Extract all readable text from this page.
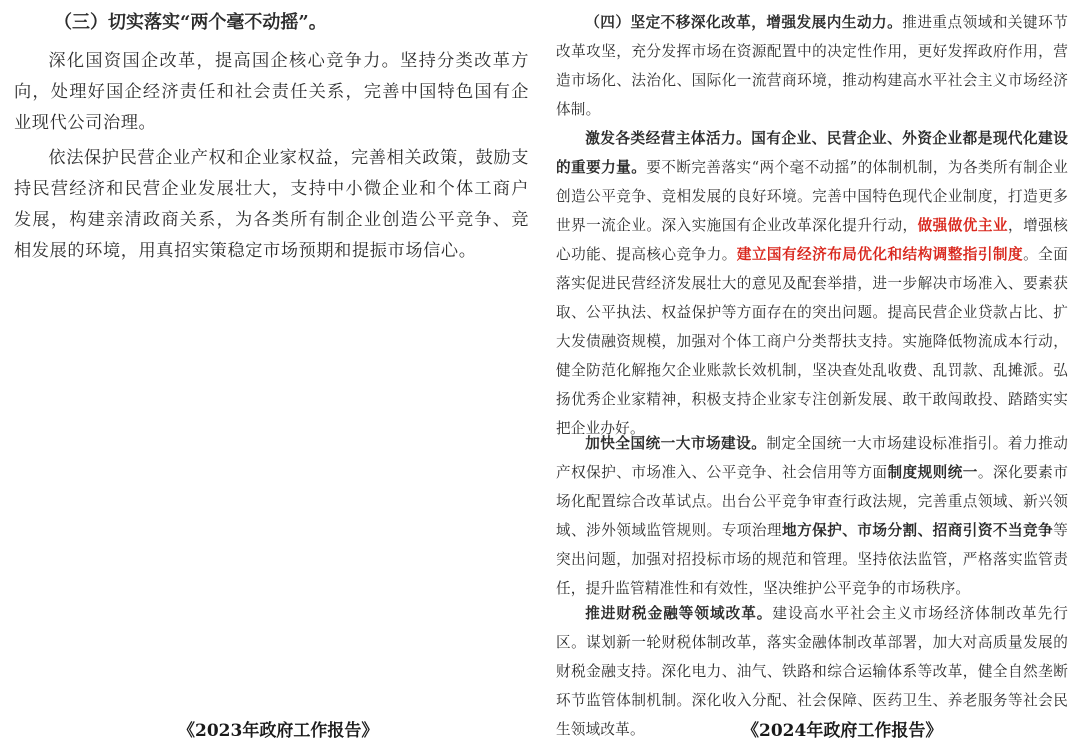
（三）切实落实“两个毫不动摇”。

深化国资国企改革，提高国企核心竞争力。坚持分类改革方向，处理好国企经济责任和社会责任关系，完善中国特色国有企业现代公司治理。

依法保护民营企业产权和企业家权益，完善相关政策，鼓励支持民营经济和民营企业发展壮大，支持中小微企业和个体工商户发展，构建亲清政商关系，为各类所有制企业创造公平竞争、竞相发展的环境，用真招实策稳定市场预期和提振市场信心。

《2023年政府工作报告》

（四）坚定不移深化改革，增强发展内生动力。推进重点领域和关键环节改革攻坚，充分发挥市场在资源配置中的决定性作用，更好发挥政府作用，营造市场化、法治化、国际化一流营商环境，推动构建高水平社会主义市场经济体制。

激发各类经营主体活力。国有企业、民营企业、外资企业都是现代化建设的重要力量。要不断完善落实“两个毫不动摇”的体制机制，为各类所有制企业创造公平竞争、竞相发展的良好环境。完善中国特色现代企业制度，打造更多世界一流企业。深入实施国有企业改革深化提升行动，做强做优主业，增强核心功能、提高核心竞争力。建立国有经济布局优化和结构调整指引制度。全面落实促进民营经济发展壮大的意见及配套举措，进一步解决市场准入、要素获取、公平执法、权益保护等方面存在的突出问题。提高民营企业贷款占比、扩大发债融资规模，加强对个体工商户分类帮扶支持。实施降低物流成本行动，健全防范化解拖欠企业账款长效机制，坚决查处乱收费、乱罚款、乱摊派。弘扬优秀企业家精神，积极支持企业家专注创新发展、敢干敢闯敢投、踏踏实实把企业办好。

加快全国统一大市场建设。制定全国统一大市场建设标准指引。着力推动产权保护、市场准入、公平竞争、社会信用等方面制度规则统一。深化要素市场化配置综合改革试点。出台公平竞争审查行政法规，完善重点领域、新兴领域、涉外领域监管规则。专项治理地方保护、市场分割、招商引资不当竞争等突出问题，加强对招投标市场的规范和管理。坚持依法监管，严格落实监管责任，提升监管精准性和有效性，坚决维护公平竞争的市场秩序。

推进财税金融等领域改革。建设高水平社会主义市场经济体制改革先行区。谋划新一轮财税体制改革，落实金融体制改革部署，加大对高质量发展的财税金融支持。深化电力、油气、铁路和综合运输体系等改革，健全自然垄断环节监管体制机制。深化收入分配、社会保障、医药卫生、养老服务等社会民生领域改革。	《2024年政府工作报告》
